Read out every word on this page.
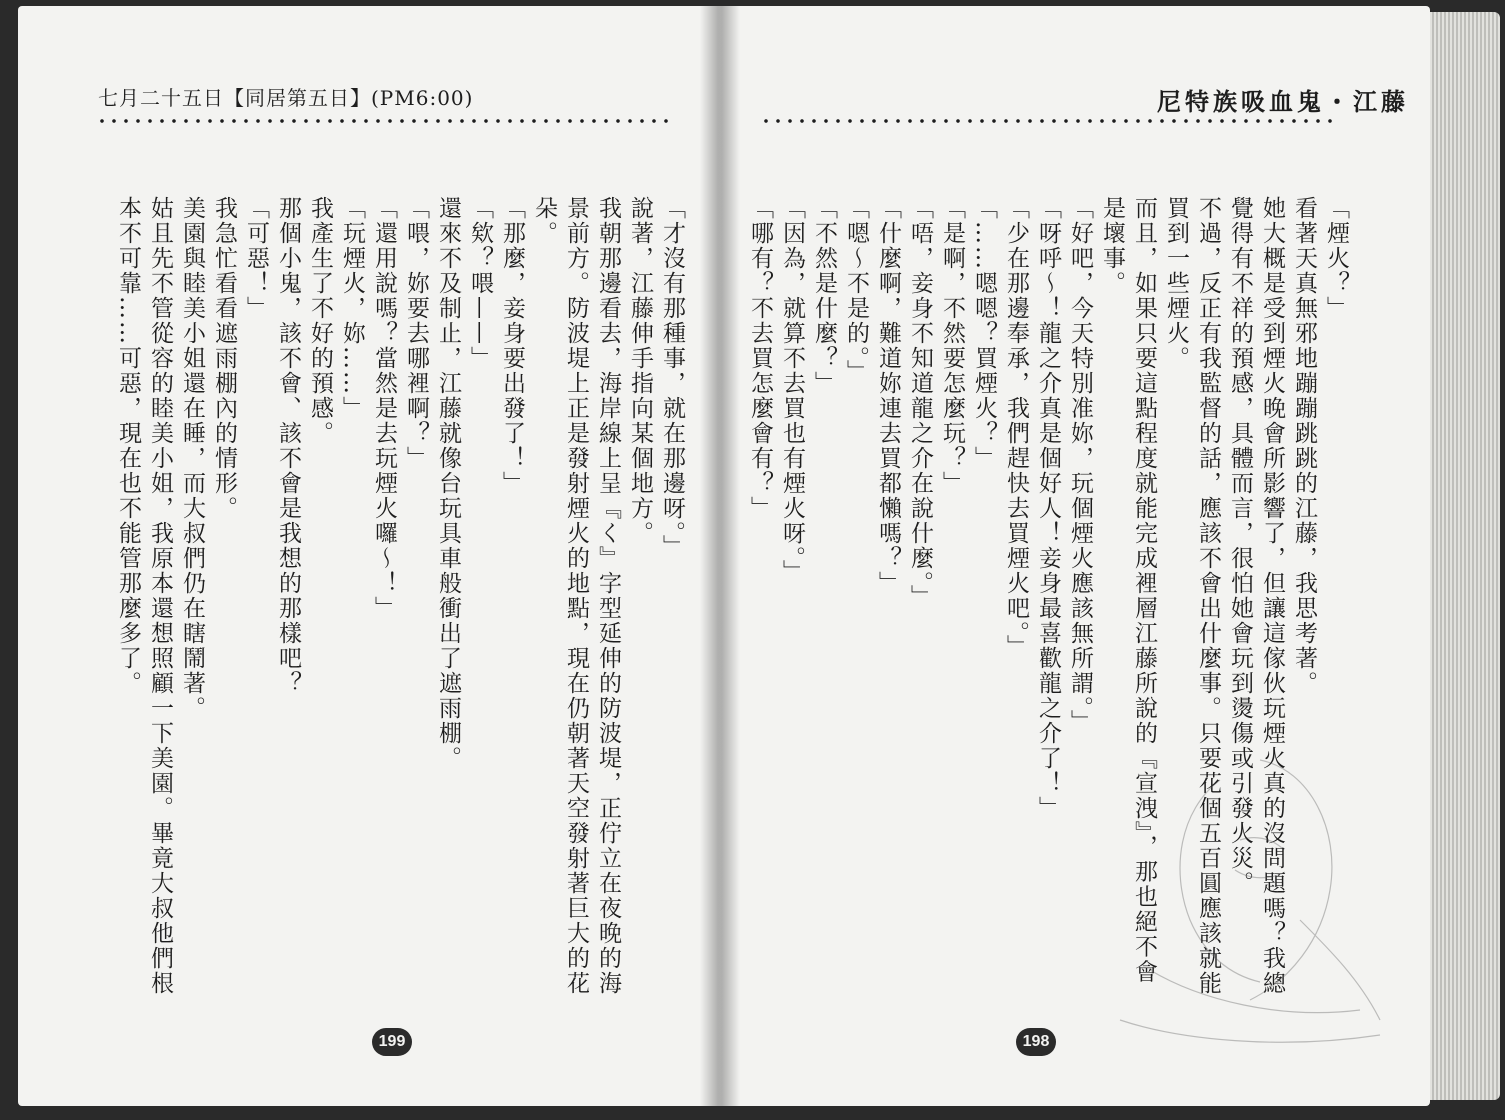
七月二十五日【同居第五日】(PM6:00)	尼特族吸血鬼・江藤

「才沒有那種事，就在那邊呀。」

說著，江藤伸手指向某個地方。

我朝那邊看去，海岸線上呈『く』字型延伸的防波堤，正佇立在夜晚的海景前方。防波堤上正是發射煙火的地點，現在仍朝著天空發射著巨大的花朵。

「那麼，妾身要出發了！」

「欸？喂——」

還來不及制止，江藤就像台玩具車般衝出了遮雨棚。

「喂，妳要去哪裡啊？」

「還用說嗎？當然是去玩煙火囉～！」

「玩煙火，妳……」

我產生了不好的預感。

那個小鬼，該不會、該不會是我想的那樣吧？

「可惡！」

我急忙看看遮雨棚內的情形。

美園與睦美小姐還在睡，而大叔們仍在瞎鬧著。

姑且先不管從容的睦美小姐，我原本還想照顧一下美園。畢竟大叔他們根本不可靠……可惡，現在也不能管那麼多了。	「煙火？」

看著天真無邪地蹦蹦跳跳的江藤，我思考著。

她大概是受到煙火晚會所影響了，但讓這傢伙玩煙火真的沒問題嗎？我總覺得有不祥的預感，具體而言，很怕她會玩到燙傷或引發火災。

不過，反正有我監督的話，應該不會出什麼事。只要花個五百圓應該就能買到一些煙火。

而且，如果只要這點程度就能完成裡層江藤所說的『宣洩』，那也絕不會是壞事。

「好吧，今天特別准妳，玩個煙火應該無所謂。」

「呀呼～！龍之介真是個好人！妾身最喜歡龍之介了！」

「少在那邊奉承，我們趕快去買煙火吧。」

「……嗯嗯？買煙火？」

「是啊，不然要怎麼玩？」

「唔，妾身不知道龍之介在說什麼。」

「什麼啊，難道妳連去買都懶嗎？」

「嗯～不是的。」

「不然是什麼？」

「因為，就算不去買也有煙火呀。」

「哪有？不去買怎麼會有？」

199	198
